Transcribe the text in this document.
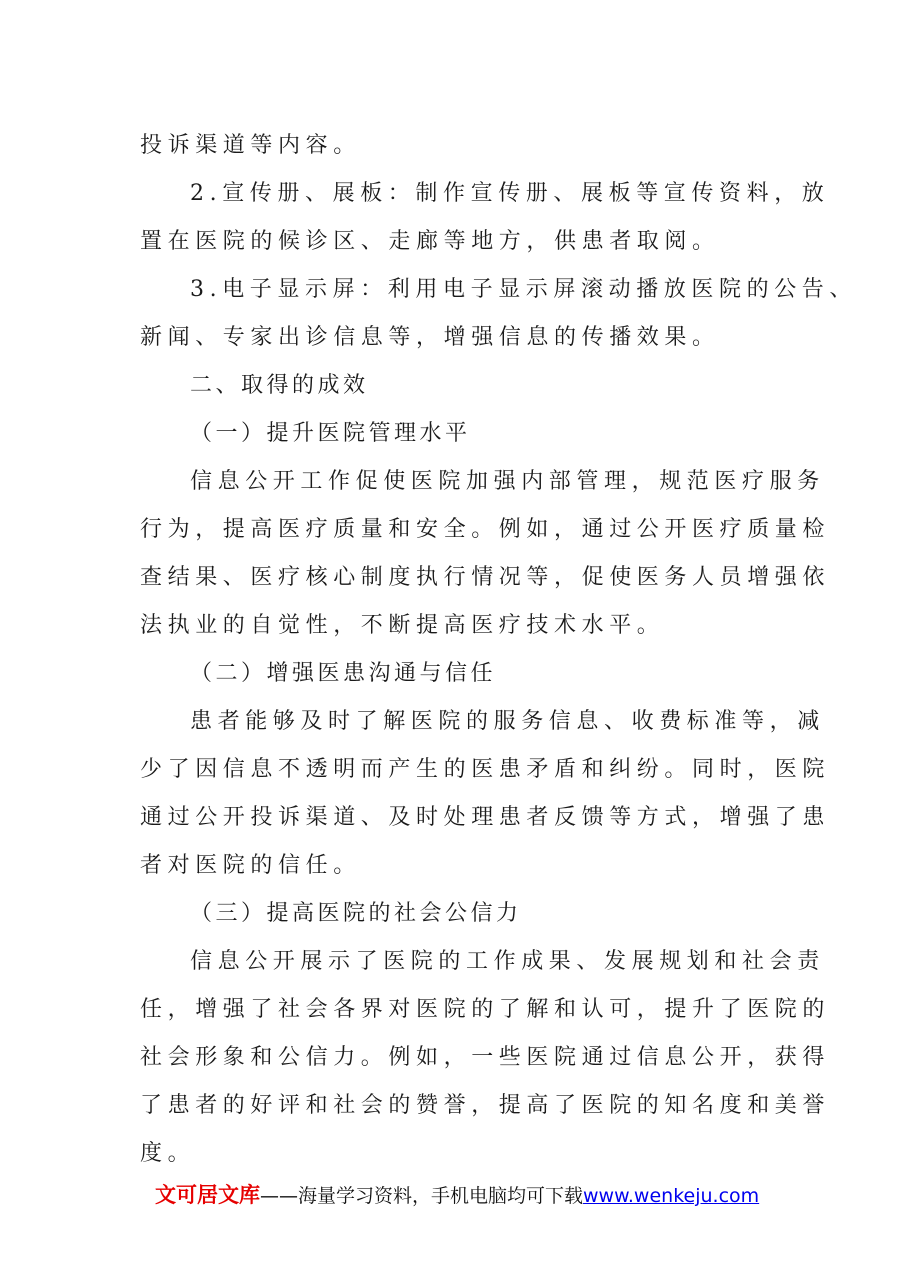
投诉渠道等内容。
2.宣传册、展板：制作宣传册、展板等宣传资料，放
置在医院的候诊区、走廊等地方，供患者取阅。
3.电子显示屏：利用电子显示屏滚动播放医院的公告、
新闻、专家出诊信息等，增强信息的传播效果。
二、取得的成效
（一）提升医院管理水平
信息公开工作促使医院加强内部管理，规范医疗服务
行为，提高医疗质量和安全。例如，通过公开医疗质量检
查结果、医疗核心制度执行情况等，促使医务人员增强依
法执业的自觉性，不断提高医疗技术水平。
（二）增强医患沟通与信任
患者能够及时了解医院的服务信息、收费标准等，减
少了因信息不透明而产生的医患矛盾和纠纷。同时，医院
通过公开投诉渠道、及时处理患者反馈等方式，增强了患
者对医院的信任。
（三）提高医院的社会公信力
信息公开展示了医院的工作成果、发展规划和社会责
任，增强了社会各界对医院的了解和认可，提升了医院的
社会形象和公信力。例如，一些医院通过信息公开，获得
了患者的好评和社会的赞誉，提高了医院的知名度和美誉
度。
文可居文库——海量学习资料，手机电脑均可下载www.wenkeju.com
